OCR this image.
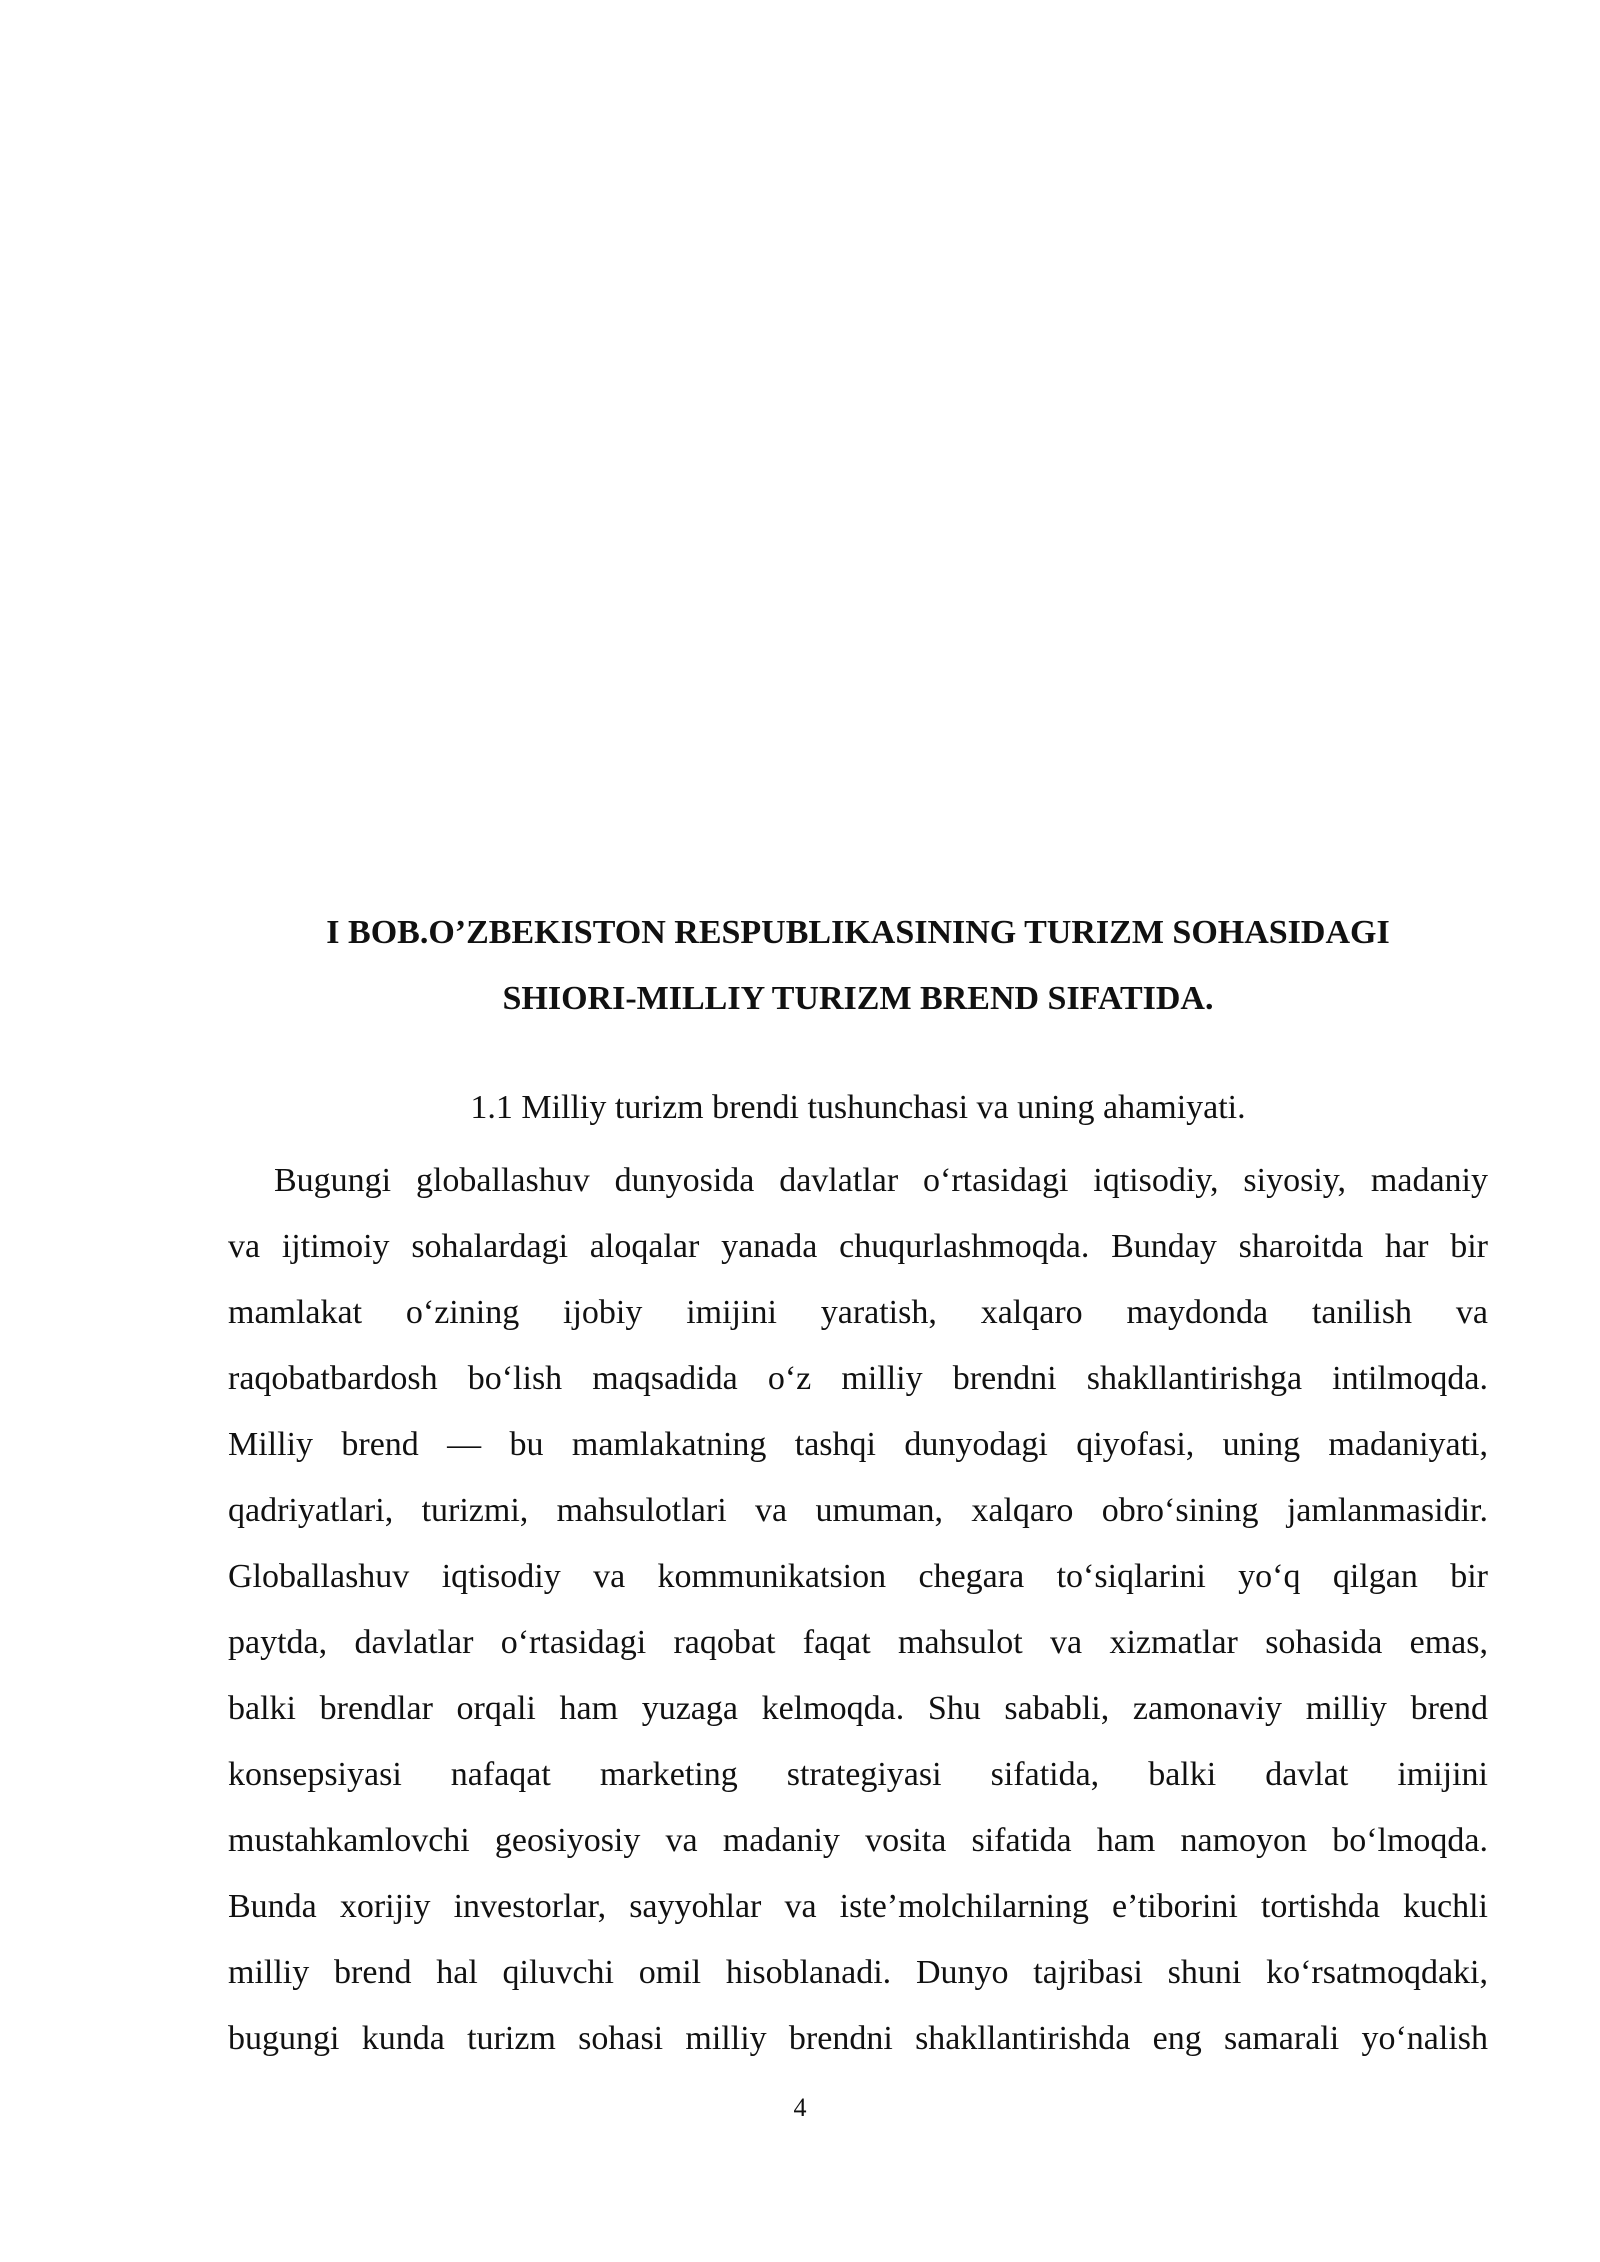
I BOB.O’ZBEKISTON RESPUBLIKASINING TURIZM SOHASIDAGI
SHIORI-MILLIY TURIZM BREND SIFATIDA.
1.1 Milliy turizm brendi tushunchasi va uning ahamiyati.

Bugungi globallashuv dunyosida davlatlar o‘rtasidagi iqtisodiy, siyosiy, madaniy
va ijtimoiy sohalardagi aloqalar yanada chuqurlashmoqda. Bunday sharoitda har bir
mamlakat o‘zining ijobiy imijini yaratish, xalqaro maydonda tanilish va
raqobatbardosh bo‘lish maqsadida o‘z milliy brendni shakllantirishga intilmoqda.
Milliy brend — bu mamlakatning tashqi dunyodagi qiyofasi, uning madaniyati,
qadriyatlari, turizmi, mahsulotlari va umuman, xalqaro obro‘sining jamlanmasidir.
Globallashuv iqtisodiy va kommunikatsion chegara to‘siqlarini yo‘q qilgan bir
paytda, davlatlar o‘rtasidagi raqobat faqat mahsulot va xizmatlar sohasida emas,
balki brendlar orqali ham yuzaga kelmoqda. Shu sababli, zamonaviy milliy brend
konsepsiyasi nafaqat marketing strategiyasi sifatida, balki davlat imijini
mustahkamlovchi geosiyosiy va madaniy vosita sifatida ham namoyon bo‘lmoqda.
Bunda xorijiy investorlar, sayyohlar va iste’molchilarning e’tiborini tortishda kuchli
milliy brend hal qiluvchi omil hisoblanadi. Dunyo tajribasi shuni ko‘rsatmoqdaki,
bugungi kunda turizm sohasi milliy brendni shakllantirishda eng samarali yo‘nalish

4
